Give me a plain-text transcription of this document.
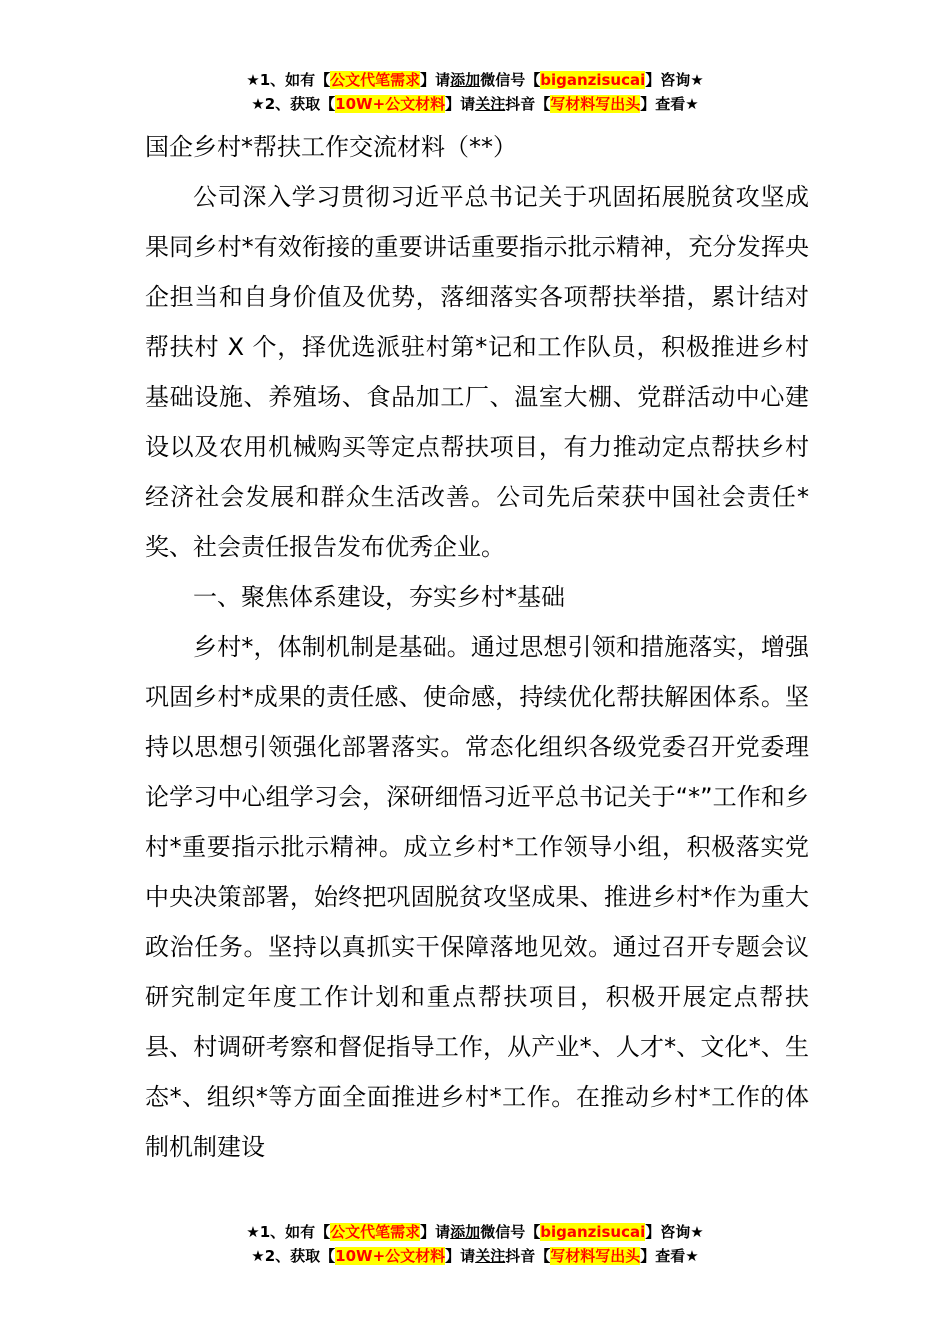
★1、如有【公文代笔需求】请添加微信号【biganzisucai】咨询★
★2、获取【10W+公文材料】请关注抖音【写材料写出头】查看★
国企乡村*帮扶工作交流材料（**）

公司深入学习贯彻习近平总书记关于巩固拓展脱贫攻坚成果同乡村*有效衔接的重要讲话重要指示批示精神，充分发挥央企担当和自身价值及优势，落细落实各项帮扶举措，累计结对帮扶村 X 个，择优选派驻村第*记和工作队员，积极推进乡村基础设施、养殖场、食品加工厂、温室大棚、党群活动中心建设以及农用机械购买等定点帮扶项目，有力推动定点帮扶乡村经济社会发展和群众生活改善。公司先后荣获中国社会责任*奖、社会责任报告发布优秀企业。

一、聚焦体系建设，夯实乡村*基础

乡村*，体制机制是基础。通过思想引领和措施落实，增强巩固乡村*成果的责任感、使命感，持续优化帮扶解困体系。坚持以思想引领强化部署落实。常态化组织各级党委召开党委理论学习中心组学习会，深研细悟习近平总书记关于“*”工作和乡村*重要指示批示精神。成立乡村*工作领导小组，积极落实党中央决策部署，始终把巩固脱贫攻坚成果、推进乡村*作为重大政治任务。坚持以真抓实干保障落地见效。通过召开专题会议研究制定年度工作计划和重点帮扶项目，积极开展定点帮扶县、村调研考察和督促指导工作，从产业*、人才*、文化*、生态*、组织*等方面全面推进乡村*工作。在推动乡村*工作的体制机制建设

★1、如有【公文代笔需求】请添加微信号【biganzisucai】咨询★
★2、获取【10W+公文材料】请关注抖音【写材料写出头】查看★
